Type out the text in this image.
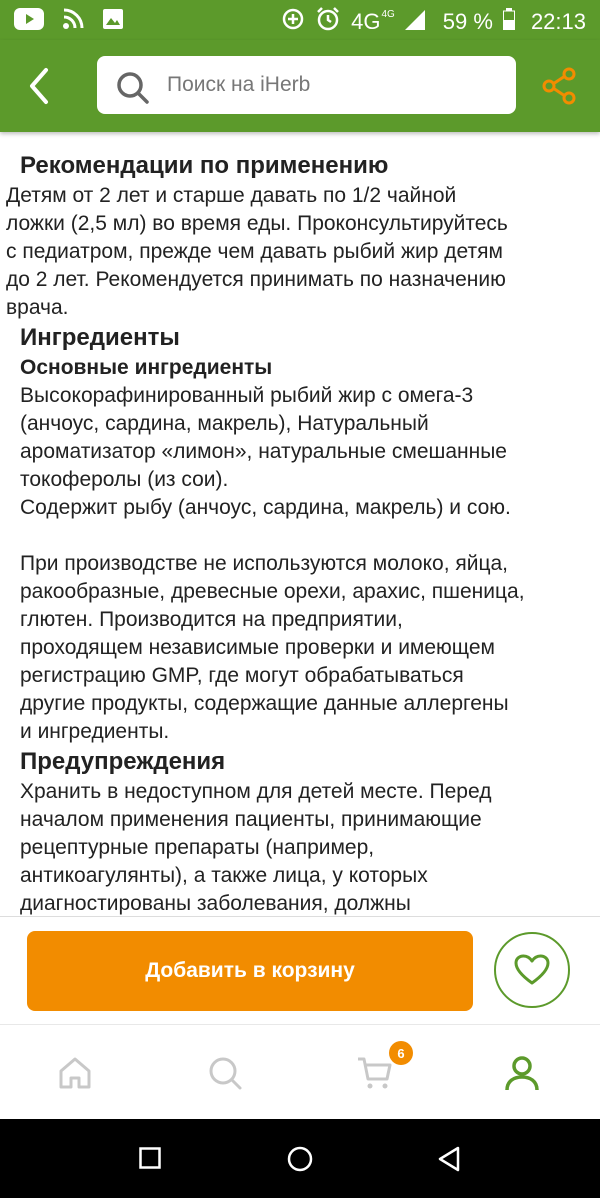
4G 4G 59 % 22:13
Поиск на iHerb

Рекомендации по применению

Детям от 2 лет и старше давать по 1/2 чайной

ложки (2,5 мл) во время еды. Проконсультируйтесь

с педиатром, прежде чем давать рыбий жир детям

до 2 лет. Рекомендуется принимать по назначению

врача.

Ингредиенты

Основные ингредиенты

Высокорафинированный рыбий жир с омега-3
(анчоус, сардина, макрель), Натуральный
ароматизатор «лимон», натуральные смешанные
токоферолы (из сои).
Содержит рыбу (анчоус, сардина, макрель) и сою.

При производстве не используются молоко, яйца,
ракообразные, древесные орехи, арахис, пшеница,
глютен. Производится на предприятии,
проходящем независимые проверки и имеющем
регистрацию GMP, где могут обрабатываться
другие продукты, содержащие данные аллергены
и ингредиенты.

Предупреждения

Хранить в недоступном для детей месте. Перед
началом применения пациенты, принимающие
рецептурные препараты (например,
антикоагулянты), а также лица, у которых
диагностированы заболевания, должны

Добавить в корзину
6
